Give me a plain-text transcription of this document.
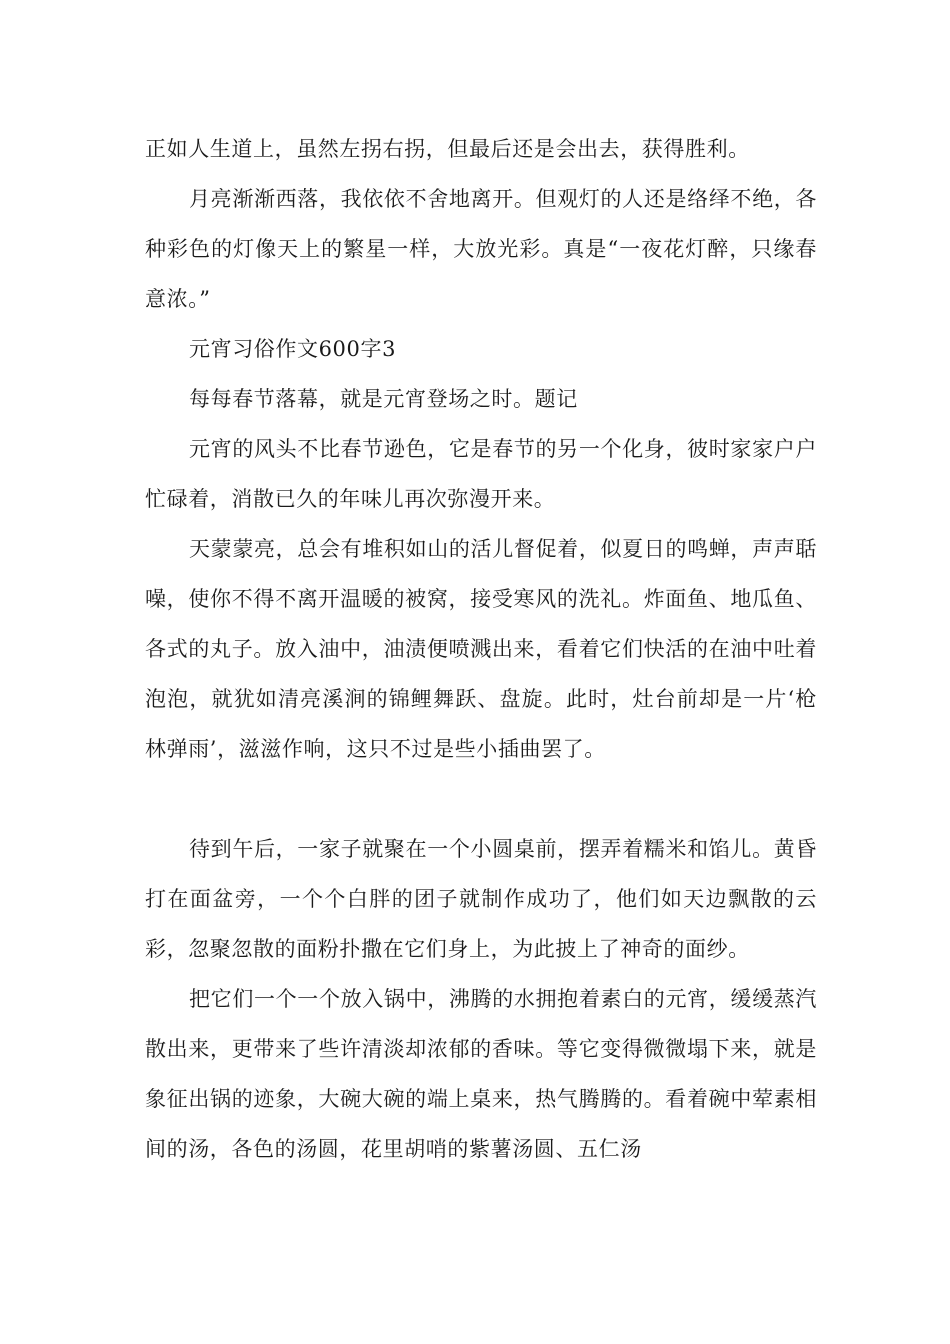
正如人生道上，虽然左拐右拐，但最后还是会出去，获得胜利。

月亮渐渐西落，我依依不舍地离开。但观灯的人还是络绎不绝，各种彩色的灯像天上的繁星一样，大放光彩。真是“一夜花灯醉，只缘春意浓。”

元宵习俗作文600字3

每每春节落幕，就是元宵登场之时。题记

元宵的风头不比春节逊色，它是春节的另一个化身，彼时家家户户忙碌着，消散已久的年味儿再次弥漫开来。

天蒙蒙亮，总会有堆积如山的活儿督促着，似夏日的鸣蝉，声声聒噪，使你不得不离开温暖的被窝，接受寒风的洗礼。炸面鱼、地瓜鱼、各式的丸子。放入油中，油渍便喷溅出来，看着它们快活的在油中吐着泡泡，就犹如清亮溪涧的锦鲤舞跃、盘旋。此时，灶台前却是一片‘枪林弹雨’，滋滋作响，这只不过是些小插曲罢了。

待到午后，一家子就聚在一个小圆桌前，摆弄着糯米和馅儿。黄昏打在面盆旁，一个个白胖的团子就制作成功了，他们如天边飘散的云彩，忽聚忽散的面粉扑撒在它们身上，为此披上了神奇的面纱。

把它们一个一个放入锅中，沸腾的水拥抱着素白的元宵，缓缓蒸汽散出来，更带来了些许清淡却浓郁的香味。等它变得微微塌下来，就是象征出锅的迹象，大碗大碗的端上桌来，热气腾腾的。看着碗中荤素相间的汤，各色的汤圆，花里胡哨的紫薯汤圆、五仁汤
